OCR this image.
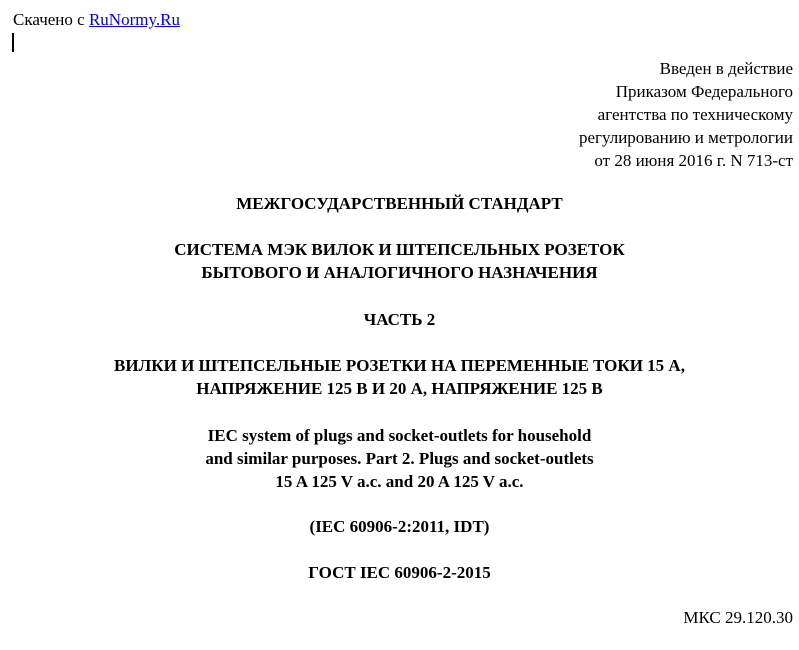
Скачено с RuNormy.Ru
Введен в действие
Приказом Федерального
агентства по техническому
регулированию и метрологии
от 28 июня 2016 г. N 713-ст
МЕЖГОСУДАРСТВЕННЫЙ СТАНДАРТ
СИСТЕМА МЭК ВИЛОК И ШТЕПСЕЛЬНЫХ РОЗЕТОК
БЫТОВОГО И АНАЛОГИЧНОГО НАЗНАЧЕНИЯ
ЧАСТЬ 2
ВИЛКИ И ШТЕПСЕЛЬНЫЕ РОЗЕТКИ НА ПЕРЕМЕННЫЕ ТОКИ 15 А,
НАПРЯЖЕНИЕ 125 В И 20 А, НАПРЯЖЕНИЕ 125 В
IEC system of plugs and socket-outlets for household
and similar purposes. Part 2. Plugs and socket-outlets
15 A 125 V a.c. and 20 A 125 V a.c.
(IEC 60906-2:2011, IDT)
ГОСТ IEC 60906-2-2015
МКС 29.120.30
